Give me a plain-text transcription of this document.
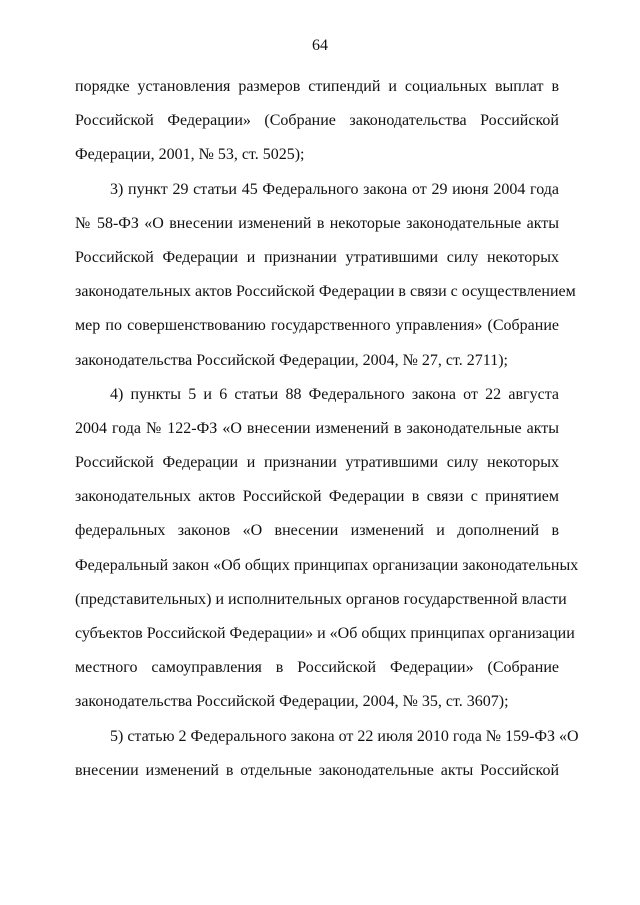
64
порядке установления размеров стипендий и социальных выплат в
Российской Федерации» (Собрание законодательства Российской
Федерации, 2001, № 53, ст. 5025);
3) пункт 29 статьи 45 Федерального закона от 29 июня 2004 года
№ 58-ФЗ «О внесении изменений в некоторые законодательные акты
Российской Федерации и признании утратившими силу некоторых
законодательных актов Российской Федерации в связи с осуществлением
мер по совершенствованию государственного управления» (Собрание
законодательства Российской Федерации, 2004, № 27, ст. 2711);
4) пункты 5 и 6 статьи 88 Федерального закона от 22 августа
2004 года № 122-ФЗ «О внесении изменений в законодательные акты
Российской Федерации и признании утратившими силу некоторых
законодательных актов Российской Федерации в связи с принятием
федеральных законов «О внесении изменений и дополнений в
Федеральный закон «Об общих принципах организации законодательных
(представительных) и исполнительных органов государственной власти
субъектов Российской Федерации» и «Об общих принципах организации
местного самоуправления в Российской Федерации» (Собрание
законодательства Российской Федерации, 2004, № 35, ст. 3607);
5) статью 2 Федерального закона от 22 июля 2010 года № 159-ФЗ «О
внесении изменений в отдельные законодательные акты Российской
